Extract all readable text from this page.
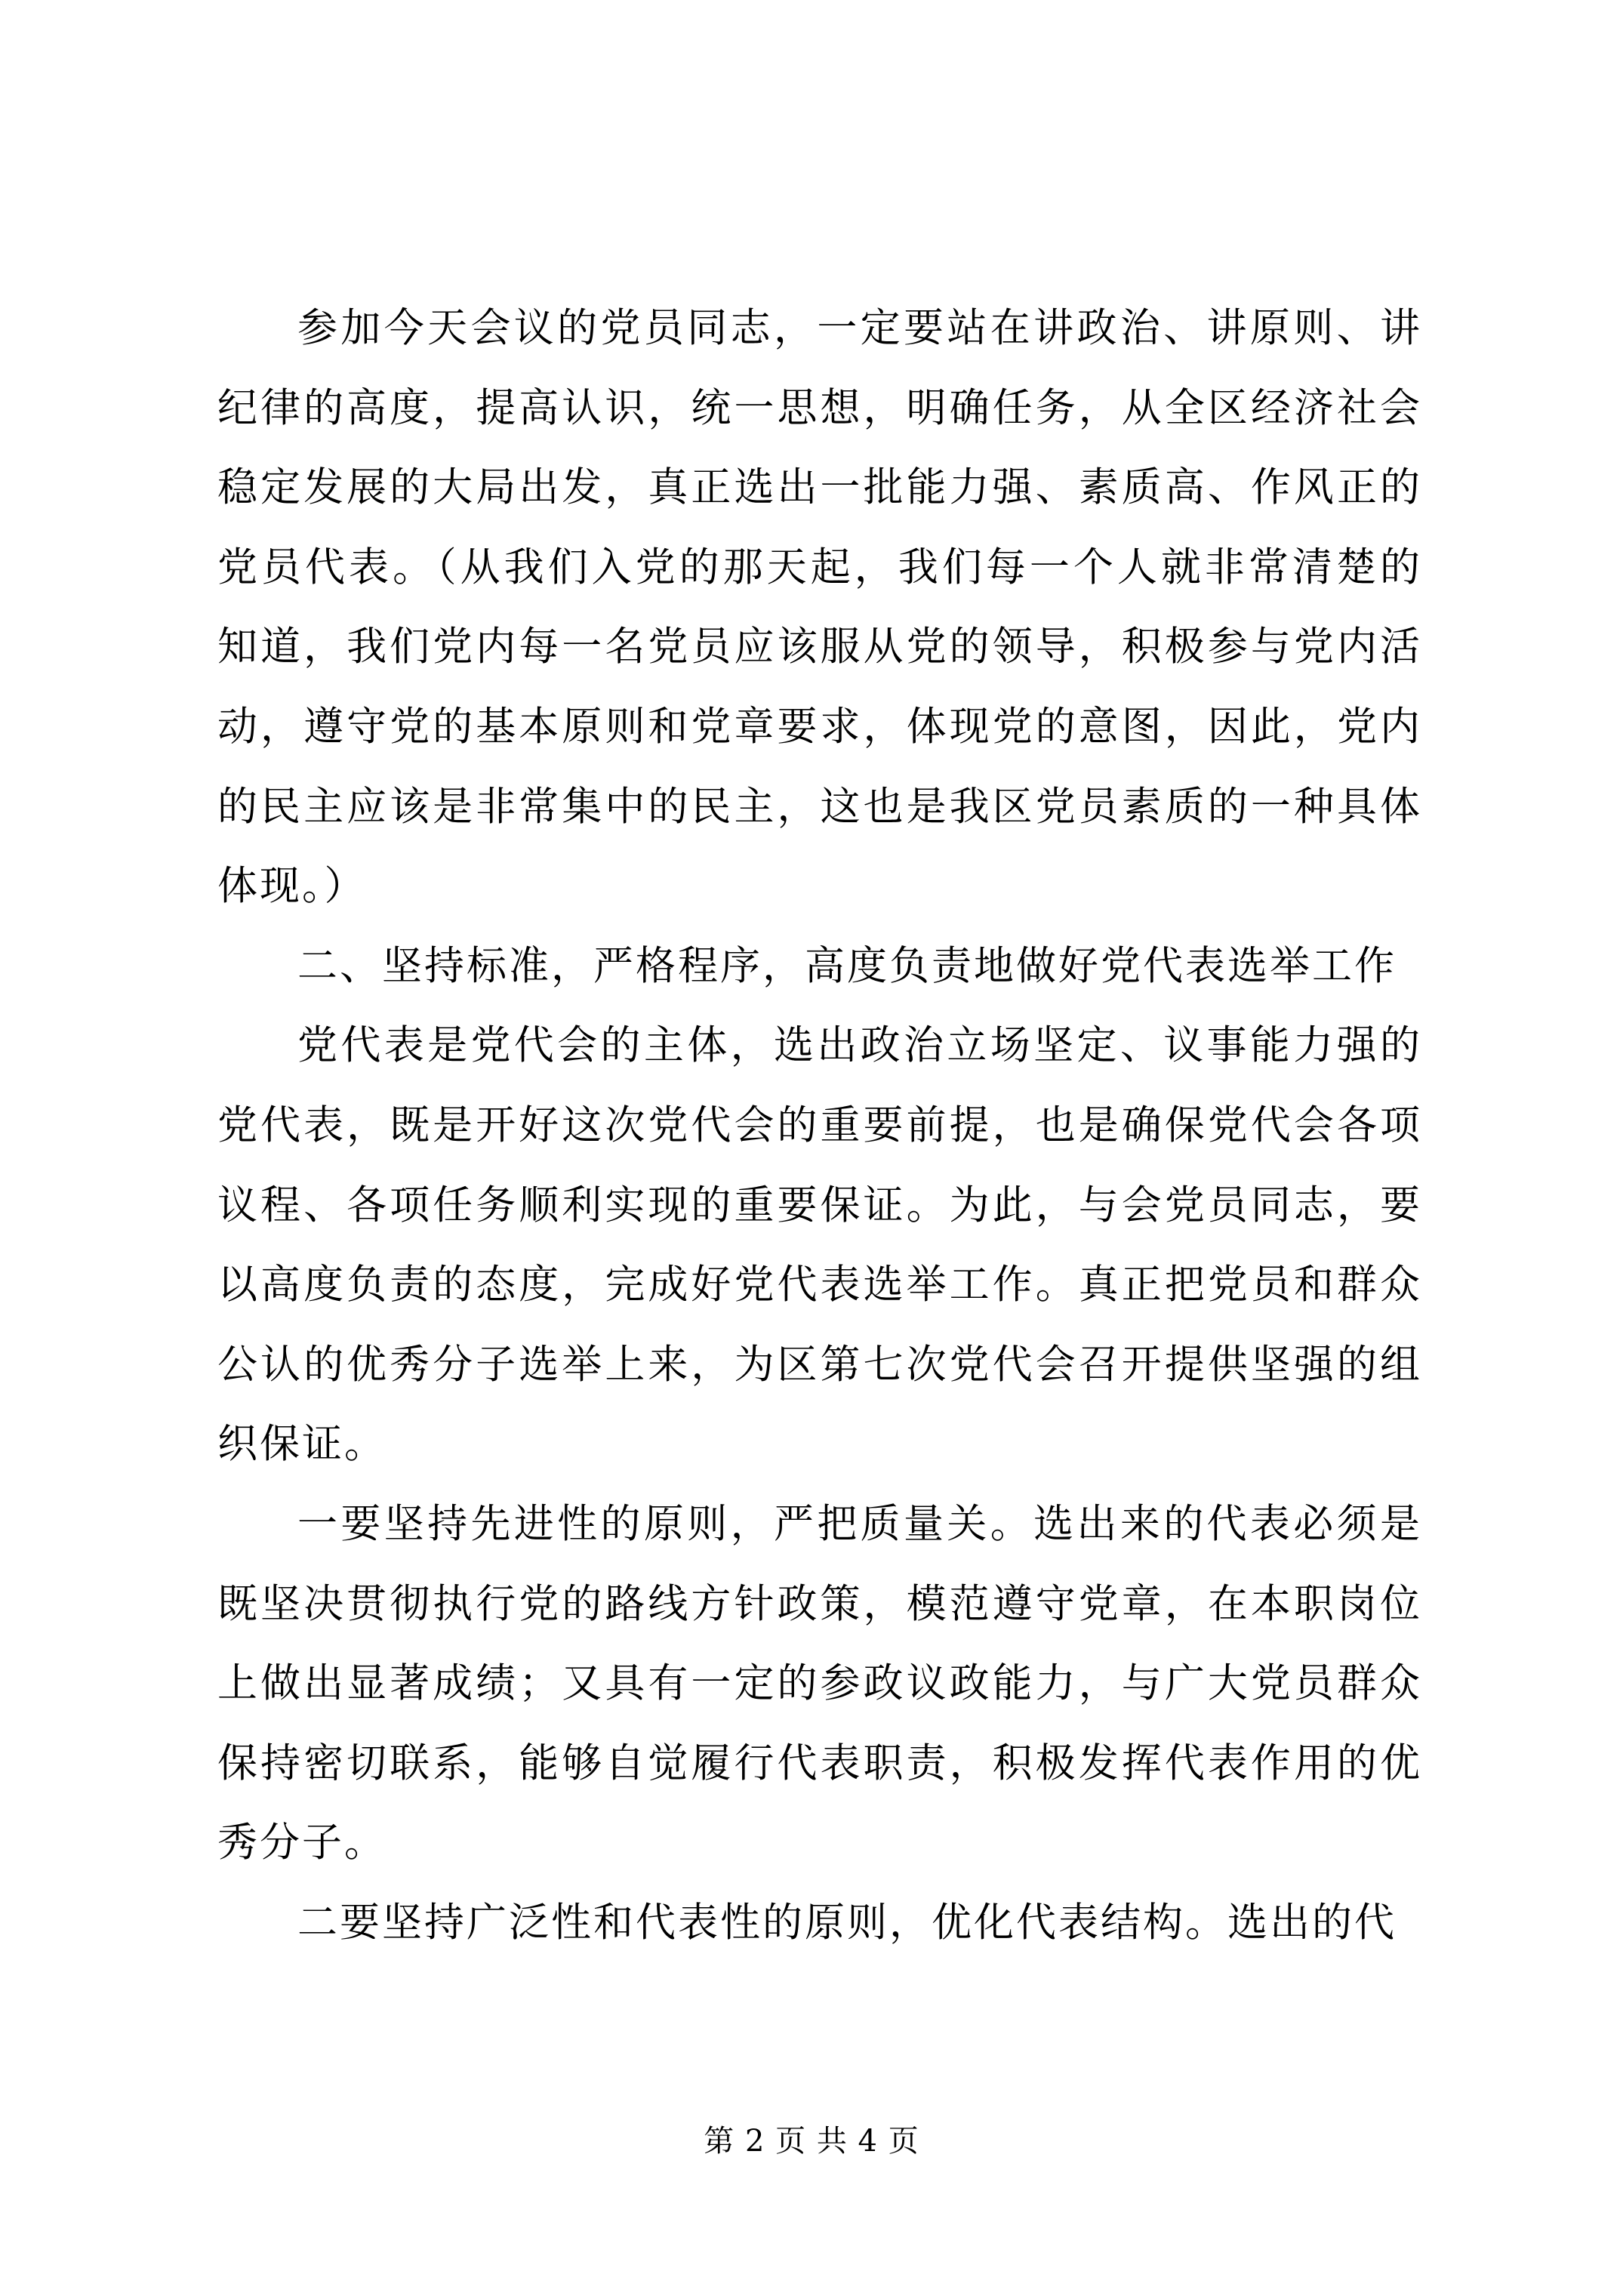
参加今天会议的党员同志，一定要站在讲政治、讲原则、讲纪律的高度，提高认识，统一思想，明确任务，从全区经济社会稳定发展的大局出发，真正选出一批能力强、素质高、作风正的党员代表。（从我们入党的那天起，我们每一个人就非常清楚的知道，我们党内每一名党员应该服从党的领导，积极参与党内活动，遵守党的基本原则和党章要求，体现党的意图，因此，党内的民主应该是非常集中的民主，这也是我区党员素质的一种具体体现。）

二、坚持标准，严格程序，高度负责地做好党代表选举工作

党代表是党代会的主体，选出政治立场坚定、议事能力强的党代表，既是开好这次党代会的重要前提，也是确保党代会各项议程、各项任务顺利实现的重要保证。为此，与会党员同志，要以高度负责的态度，完成好党代表选举工作。真正把党员和群众公认的优秀分子选举上来，为区第七次党代会召开提供坚强的组织保证。

一要坚持先进性的原则，严把质量关。选出来的代表必须是既坚决贯彻执行党的路线方针政策，模范遵守党章，在本职岗位上做出显著成绩；又具有一定的参政议政能力，与广大党员群众保持密切联系，能够自觉履行代表职责，积极发挥代表作用的优秀分子。

二要坚持广泛性和代表性的原则，优化代表结构。选出的代

第 2 页 共 4 页
